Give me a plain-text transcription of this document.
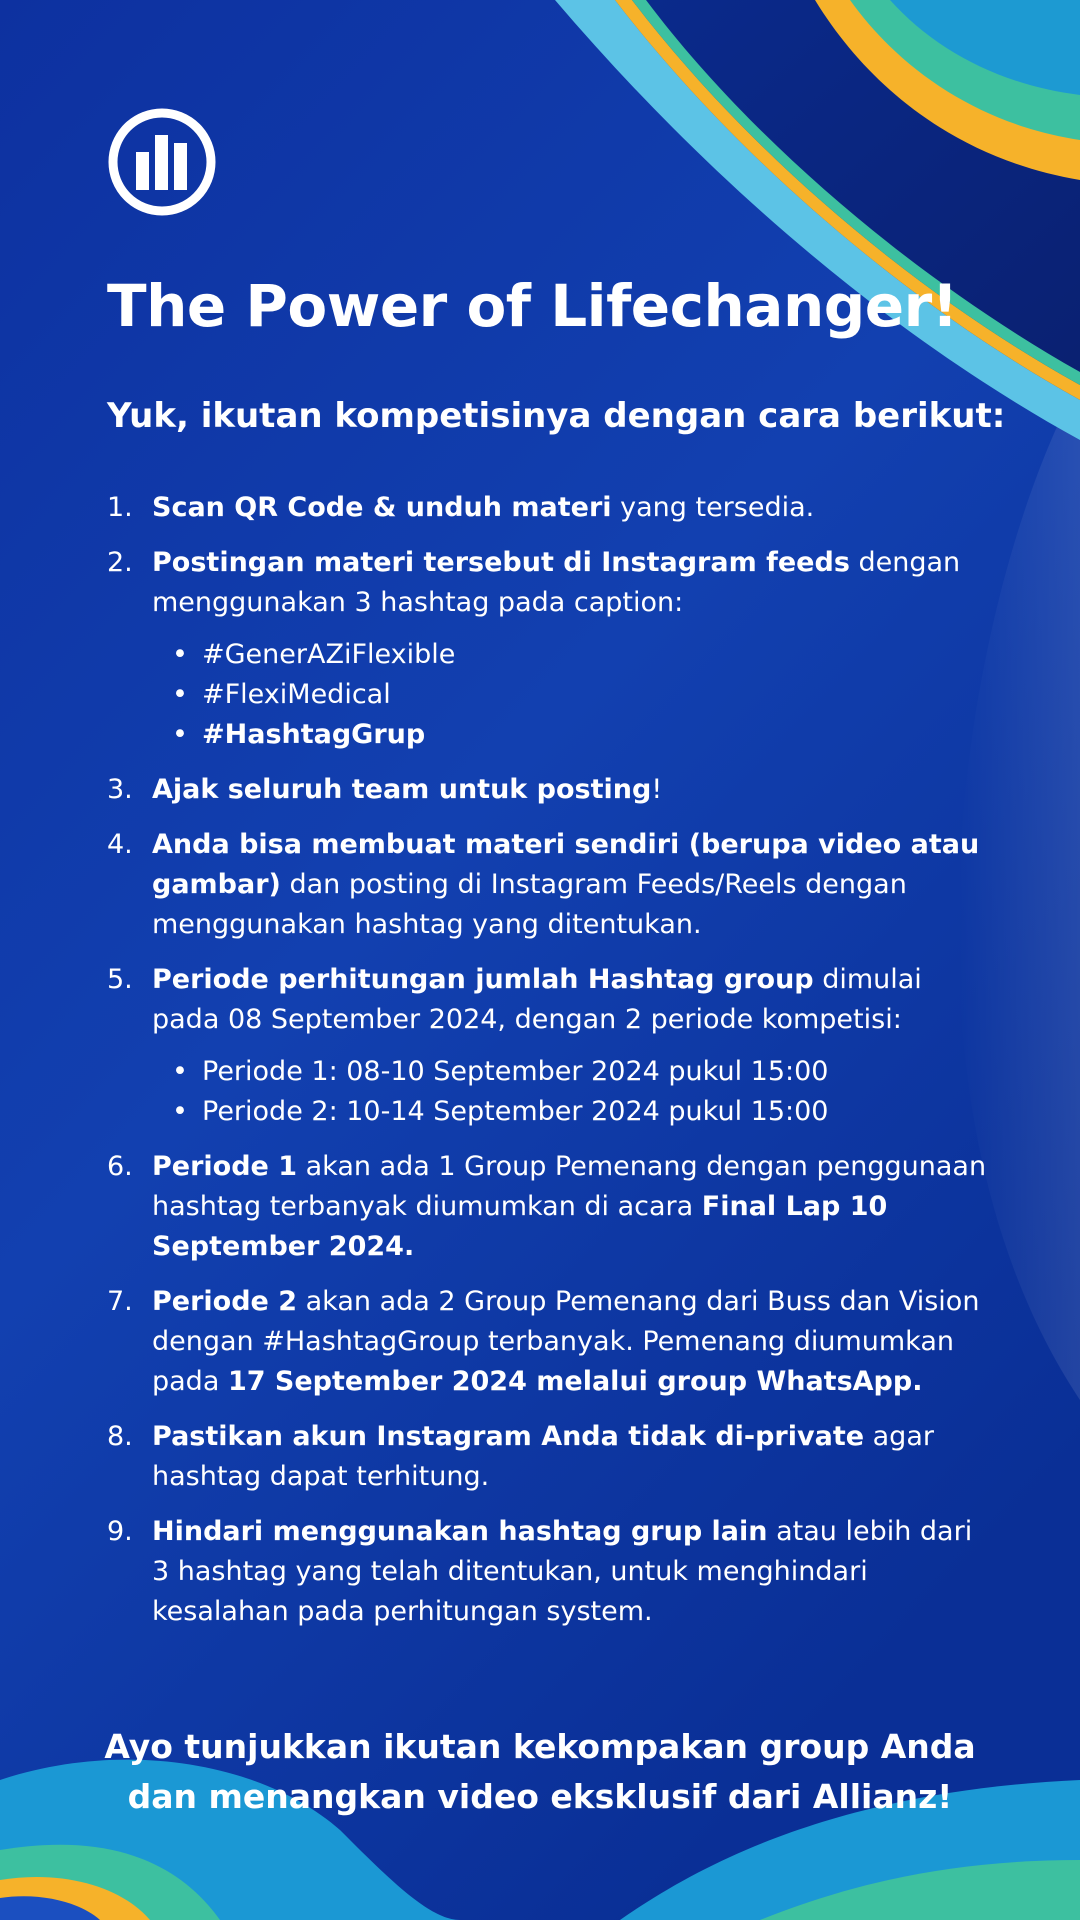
The Power of Lifechanger!
Yuk, ikutan kompetisinya dengan cara berikut:
1. Scan QR Code & unduh materi yang tersedia.
2. Postingan materi tersebut di Instagram feeds dengan menggunakan 3 hashtag pada caption:
• #GenerAZiFlexible
• #FlexiMedical
• #HashtagGrup
3. Ajak seluruh team untuk posting!
4. Anda bisa membuat materi sendiri (berupa video atau gambar) dan posting di Instagram Feeds/Reels dengan menggunakan hashtag yang ditentukan.
5. Periode perhitungan jumlah Hashtag group dimulai pada 08 September 2024, dengan 2 periode kompetisi:
• Periode 1: 08-10 September 2024 pukul 15:00
• Periode 2: 10-14 September 2024 pukul 15:00
6. Periode 1 akan ada 1 Group Pemenang dengan penggunaan hashtag terbanyak diumumkan di acara Final Lap 10 September 2024.
7. Periode 2 akan ada 2 Group Pemenang dari Buss dan Vision dengan #HashtagGroup terbanyak. Pemenang diumumkan pada 17 September 2024 melalui group WhatsApp.
8. Pastikan akun Instagram Anda tidak di-private agar hashtag dapat terhitung.
9. Hindari menggunakan hashtag grup lain atau lebih dari 3 hashtag yang telah ditentukan, untuk menghindari kesalahan pada perhitungan system.

Ayo tunjukkan ikutan kekompakan group Anda
dan menangkan video eksklusif dari Allianz!
